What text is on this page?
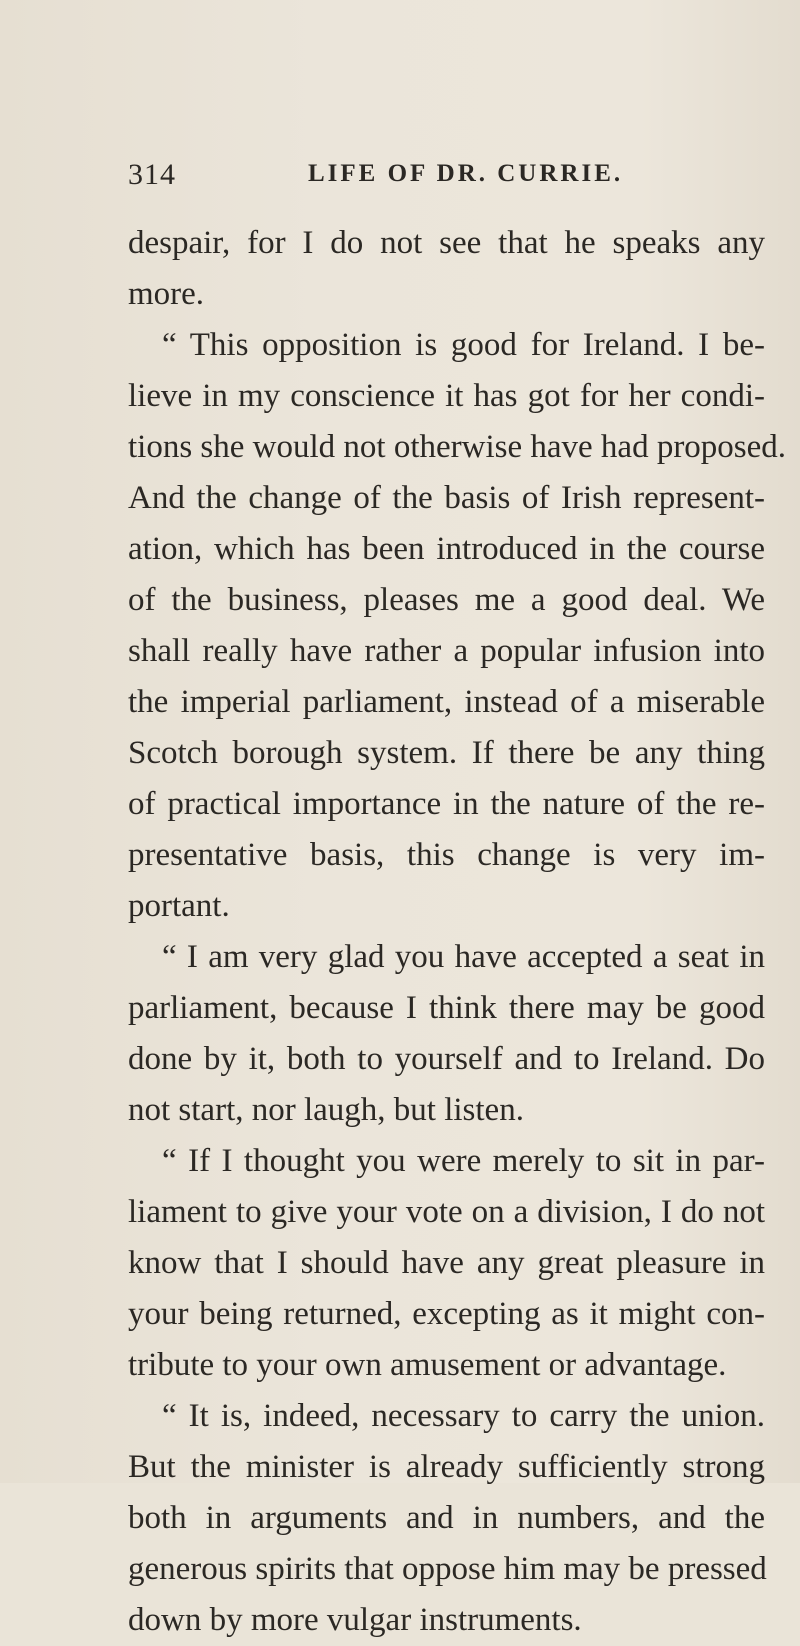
314	LIFE OF DR. CURRIE.
despair, for I do not see that he speaks any
more.
“ This opposition is good for Ireland. I be-
lieve in my conscience it has got for her condi-
tions she would not otherwise have had proposed.
And the change of the basis of Irish represent-
ation, which has been introduced in the course
of the business, pleases me a good deal. We
shall really have rather a popular infusion into
the imperial parliament, instead of a miserable
Scotch borough system. If there be any thing
of practical importance in the nature of the re-
presentative basis, this change is very im-
portant.
“ I am very glad you have accepted a seat in
parliament, because I think there may be good
done by it, both to yourself and to Ireland. Do
not start, nor laugh, but listen.
“ If I thought you were merely to sit in par-
liament to give your vote on a division, I do not
know that I should have any great pleasure in
your being returned, excepting as it might con-
tribute to your own amusement or advantage.
“ It is, indeed, necessary to carry the union.
But the minister is already sufficiently strong
both in arguments and in numbers, and the
generous spirits that oppose him may be pressed
down by more vulgar instruments.
